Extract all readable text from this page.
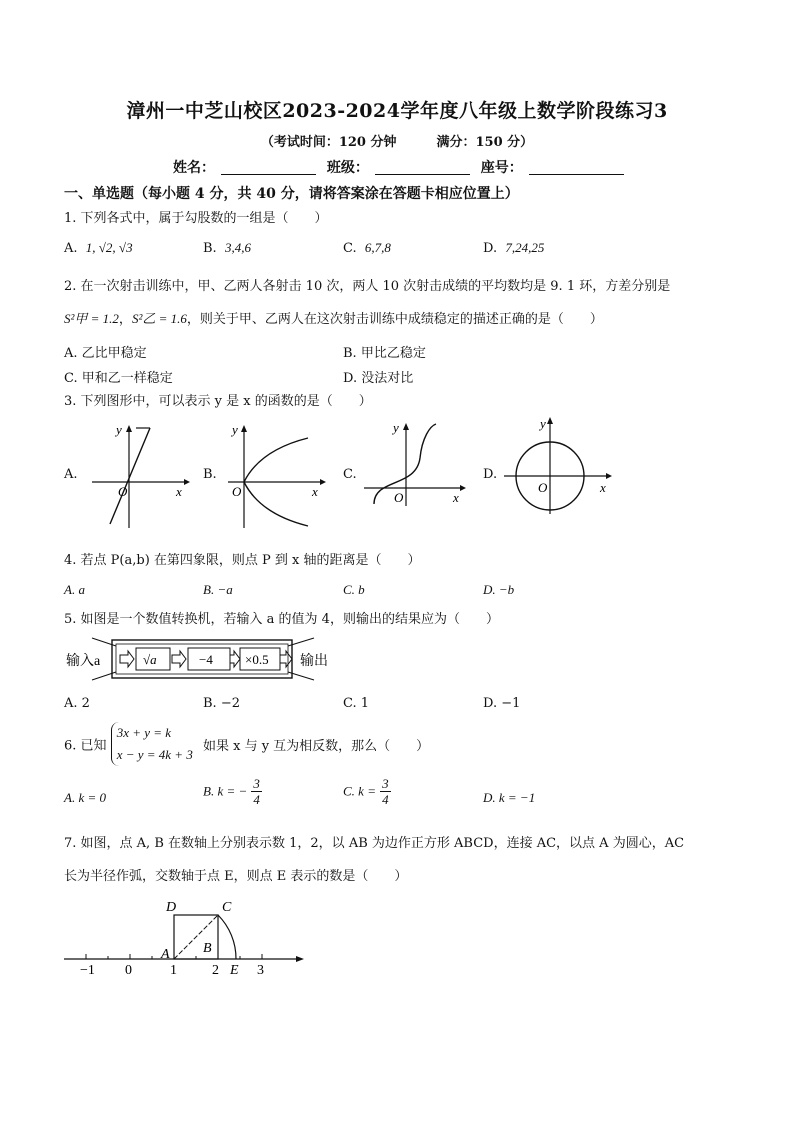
漳州一中芝山校区2023-2024学年度八年级上数学阶段练习3
（考试时间：120 分钟	满分：150 分）
姓名：	班级：	座号：
一、单选题（每小题 4 分，共 40 分，请将答案涂在答题卡相应位置上）
1. 下列各式中，属于勾股数的一组是（　　）
A. 1, √2, √3	B. 3,4,6	C. 6,7,8	D. 7,24,25
2. 在一次射击训练中，甲、乙两人各射击 10 次，两人 10 次射击成绩的平均数均是 9. 1 环，方差分别是
S²甲 = 1.2，S²乙 = 1.6，则关于甲、乙两人在这次射击训练中成绩稳定的描述正确的是（　　）
A. 乙比甲稳定	B. 甲比乙稳定
C. 甲和乙一样稳定	D. 没法对比
3. 下列图形中，可以表示 y 是 x 的函数的是（　　）
A.
y
x
O
B.
y
x
O
C.
y
x
O
D.
y
x
O
4. 若点 P(a,b) 在第四象限，则点 P 到 x 轴的距离是（　　）
A. a	B. −a	C. b	D. −b
5. 如图是一个数值转换机，若输入 a 的值为 4，则输出的结果应为（　　）
输入a	√a	−4 ×0.5 输出
A. 2	B. −2	C. 1	D. −1
6. 已知 3x + y = k
x − y = 4k + 3 如果 x 与 y 互为相反数，那么（　　）
A. k = 0	B. k = − $\frac{3}{4}$	C. $k = \frac{3}{4}$	D. k = −1
7. 如图，点 A, B 在数轴上分别表示数 1，2，以 AB 为边作正方形 ABCD，连接 AC，以点 A 为圆心，AC
长为半径作弧，交数轴于点 E，则点 E 表示的数是（　　）
−1 0	1	2	3
A B
C
D
E
